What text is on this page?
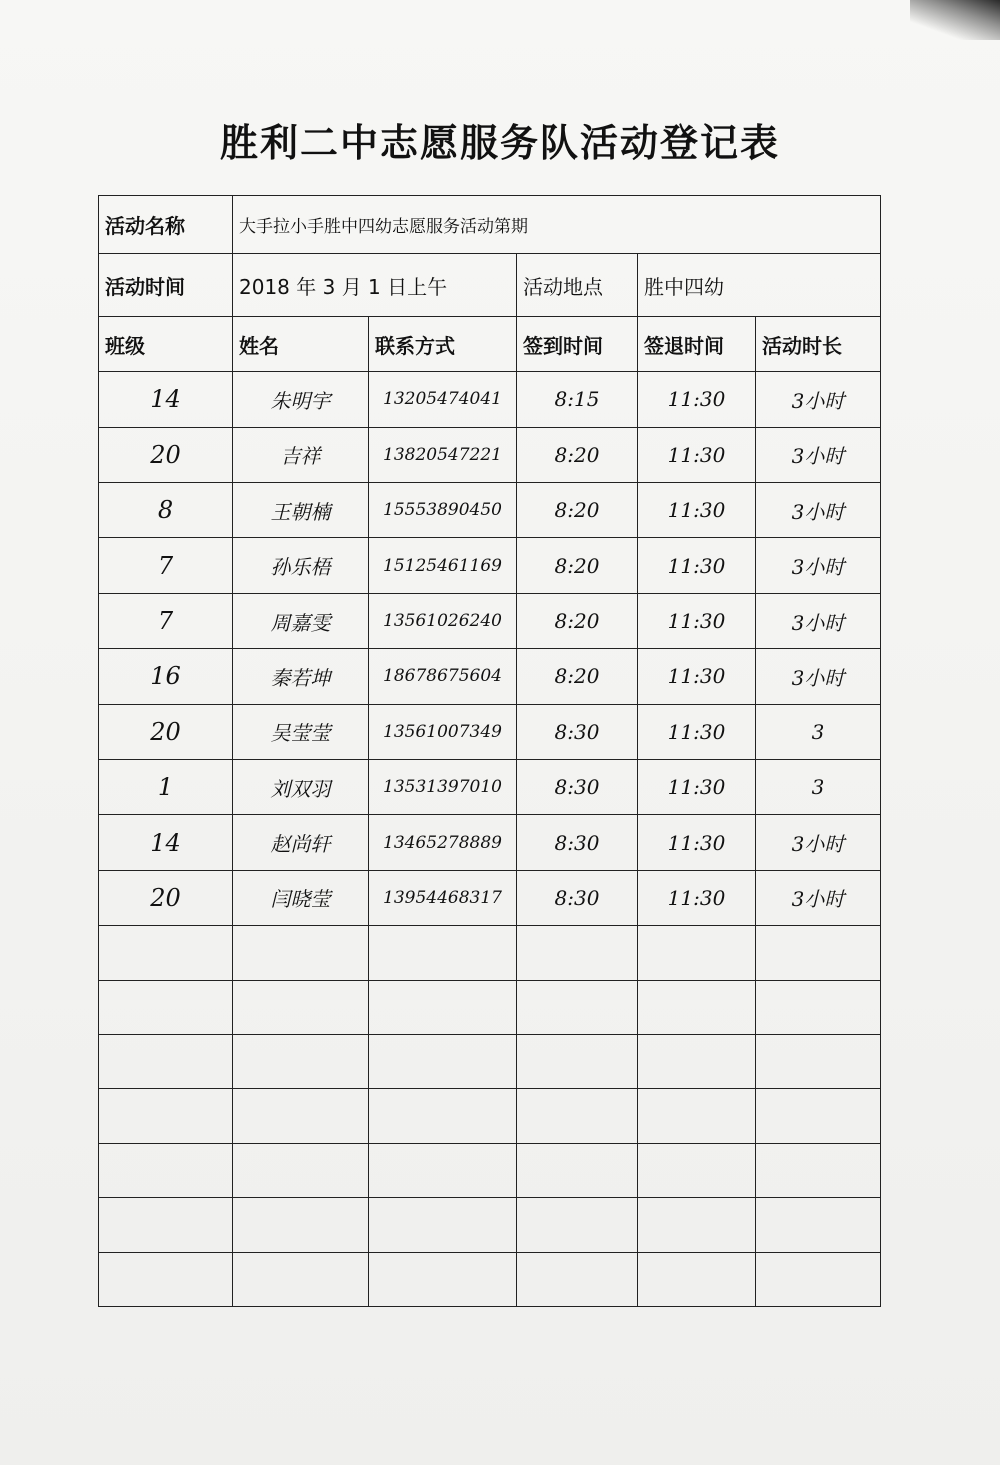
胜利二中志愿服务队活动登记表
活动名称	大手拉小手胜中四幼志愿服务活动第期				
活动时间	2018 年 3 月 1 日上午		活动地点	胜中四幼	
班级	姓名	联系方式	签到时间	签退时间	活动时长
14	朱明宇	13205474041	8:15	11:30	3小时
20	吉祥	13820547221	8:20	11:30	3小时
8	王朝楠	15553890450	8:20	11:30	3小时
7	孙乐梧	15125461169	8:20	11:30	3小时
7	周嘉雯	13561026240	8:20	11:30	3小时
16	秦若坤	18678675604	8:20	11:30	3小时
20	吴莹莹	13561007349	8:30	11:30	3
1	刘双羽	13531397010	8:30	11:30	3
14	赵尚轩	13465278889	8:30	11:30	3小时
20	闫晓莹	13954468317	8:30	11:30	3小时
